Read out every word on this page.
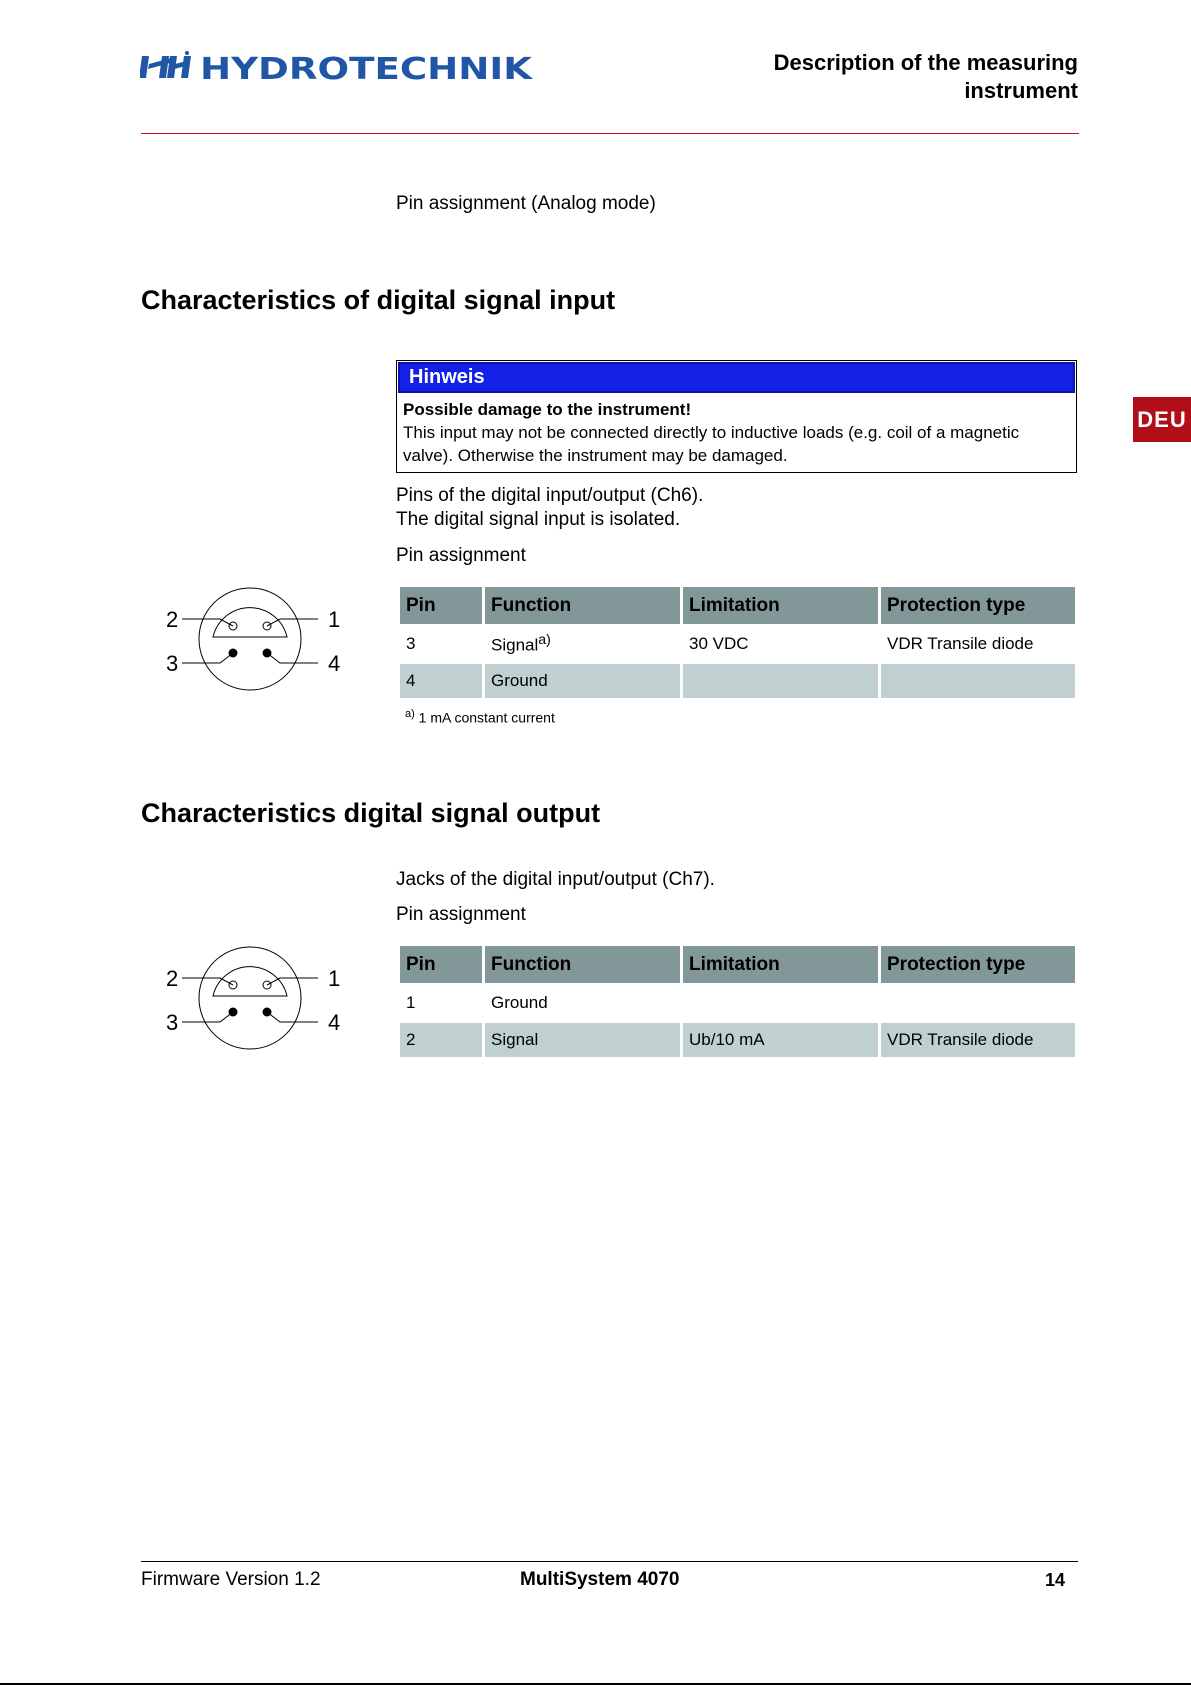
HYDROTECHNIK	Description of the measuring
instrument
DEU
Pin assignment (Analog mode)
Characteristics of digital signal input
Hinweis
Possible damage to the instrument!
This input may not be connected directly to inductive loads (e.g. coil of a magnetic valve). Otherwise the instrument may be damaged.
Pins of the digital input/output (Ch6).
The digital signal input is isolated.
Pin assignment
2	1
3	4
Pin	Function	Limitation	Protection type
3	Signal$^{a)}$	30 VDC	VDR Transile diode
4	Ground		
$^{a)}$ 1 mA constant current
Characteristics digital signal output
Jacks of the digital input/output (Ch7).
Pin assignment
2	1
3	4
Pin	Function	Limitation	Protection type
1	Ground		
2	Signal	Ub/10 mA	VDR Transile diode
Firmware Version 1.2	MultiSystem 4070	14
